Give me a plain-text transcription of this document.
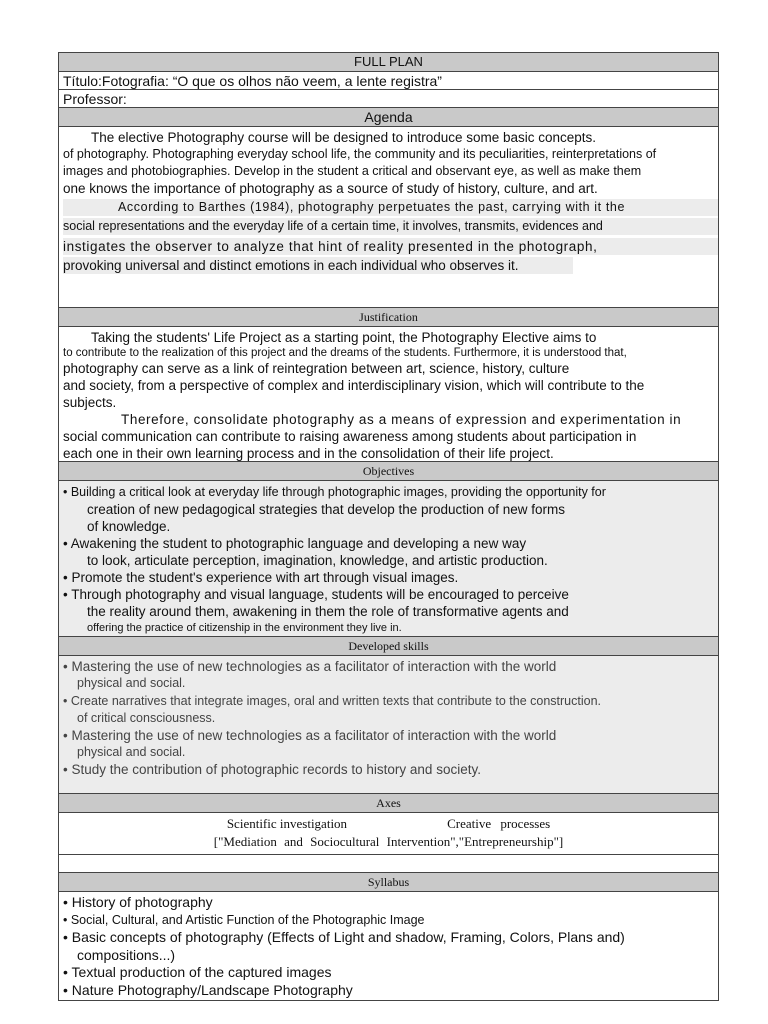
FULL PLAN
Título:Fotografia: “O que os olhos não veem, a lente registra”
Professor:
Agenda
The elective Photography course will be designed to introduce some basic concepts.
of photography. Photographing everyday school life, the community and its peculiarities, reinterpretations of
images and photobiographies. Develop in the student a critical and observant eye, as well as make them
one knows the importance of photography as a source of study of history, culture, and art.
According to Barthes (1984), photography perpetuates the past, carrying with it the
social representations and the everyday life of a certain time, it involves, transmits, evidences and
instigates the observer to analyze that hint of reality presented in the photograph,
provoking universal and distinct emotions in each individual who observes it.
Justification
Taking the students' Life Project as a starting point, the Photography Elective aims to
to contribute to the realization of this project and the dreams of the students. Furthermore, it is understood that,
photography can serve as a link of reintegration between art, science, history, culture
and society, from a perspective of complex and interdisciplinary vision, which will contribute to the
subjects.
Therefore, consolidate photography as a means of expression and experimentation in
social communication can contribute to raising awareness among students about participation in
each one in their own learning process and in the consolidation of their life project.
Objectives
• Building a critical look at everyday life through photographic images, providing the opportunity for
creation of new pedagogical strategies that develop the production of new forms
of knowledge.
• Awakening the student to photographic language and developing a new way
to look, articulate perception, imagination, knowledge, and artistic production.
• Promote the student's experience with art through visual images.
• Through photography and visual language, students will be encouraged to perceive
the reality around them, awakening in them the role of transformative agents and
offering the practice of citizenship in the environment they live in.
Developed skills
• Mastering the use of new technologies as a facilitator of interaction with the world
physical and social.
• Create narratives that integrate images, oral and written texts that contribute to the construction.
of critical consciousness.
• Mastering the use of new technologies as a facilitator of interaction with the world
physical and social.
• Study the contribution of photographic records to history and society.
Axes
Scientific investigation	Creative processes
["Mediation and Sociocultural Intervention","Entrepreneurship"]
Syllabus
• History of photography
• Social, Cultural, and Artistic Function of the Photographic Image
• Basic concepts of photography (Effects of Light and shadow, Framing, Colors, Plans and)
compositions...)
• Textual production of the captured images
• Nature Photography/Landscape Photography
